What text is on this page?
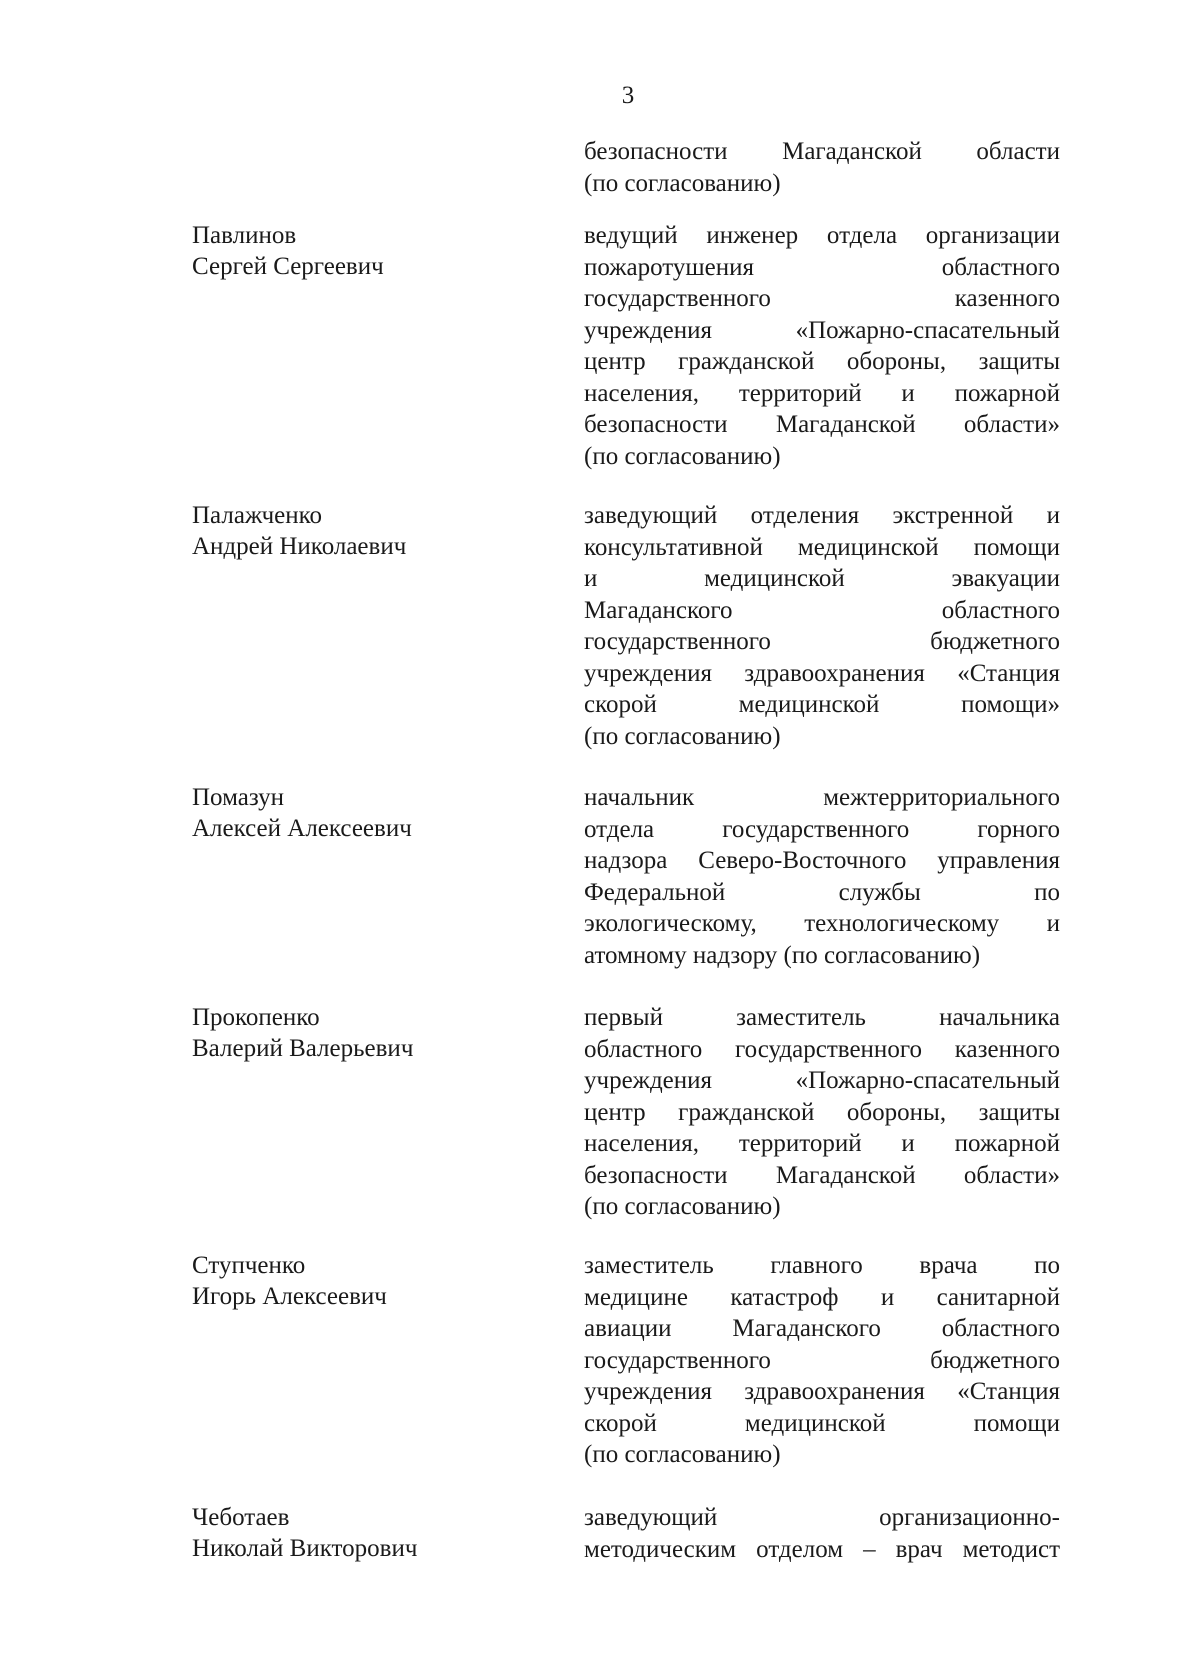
3
безопасности Магаданской области
(по согласованию)
Павлинов
Сергей Сергеевич
ведущий инженер отдела организации
пожаротушения областного
государственного казенного
учреждения «Пожарно-спасательный
центр гражданской обороны, защиты
населения, территорий и пожарной
безопасности Магаданской области»
(по согласованию)
Палажченко
Андрей Николаевич
заведующий отделения экстренной и
консультативной медицинской помощи
и медицинской эвакуации
Магаданского областного
государственного бюджетного
учреждения здравоохранения «Станция
скорой медицинской помощи»
(по согласованию)
Помазун
Алексей Алексеевич
начальник межтерриториального
отдела государственного горного
надзора Северо-Восточного управления
Федеральной службы по
экологическому, технологическому и
атомному надзору (по согласованию)
Прокопенко
Валерий Валерьевич
первый заместитель начальника
областного государственного казенного
учреждения «Пожарно-спасательный
центр гражданской обороны, защиты
населения, территорий и пожарной
безопасности Магаданской области»
(по согласованию)
Ступченко
Игорь Алексеевич
заместитель главного врача по
медицине катастроф и санитарной
авиации Магаданского областного
государственного бюджетного
учреждения здравоохранения «Станция
скорой медицинской помощи
(по согласованию)
Чеботаев
Николай Викторович
заведующий организационно-
методическим отделом – врач методист
